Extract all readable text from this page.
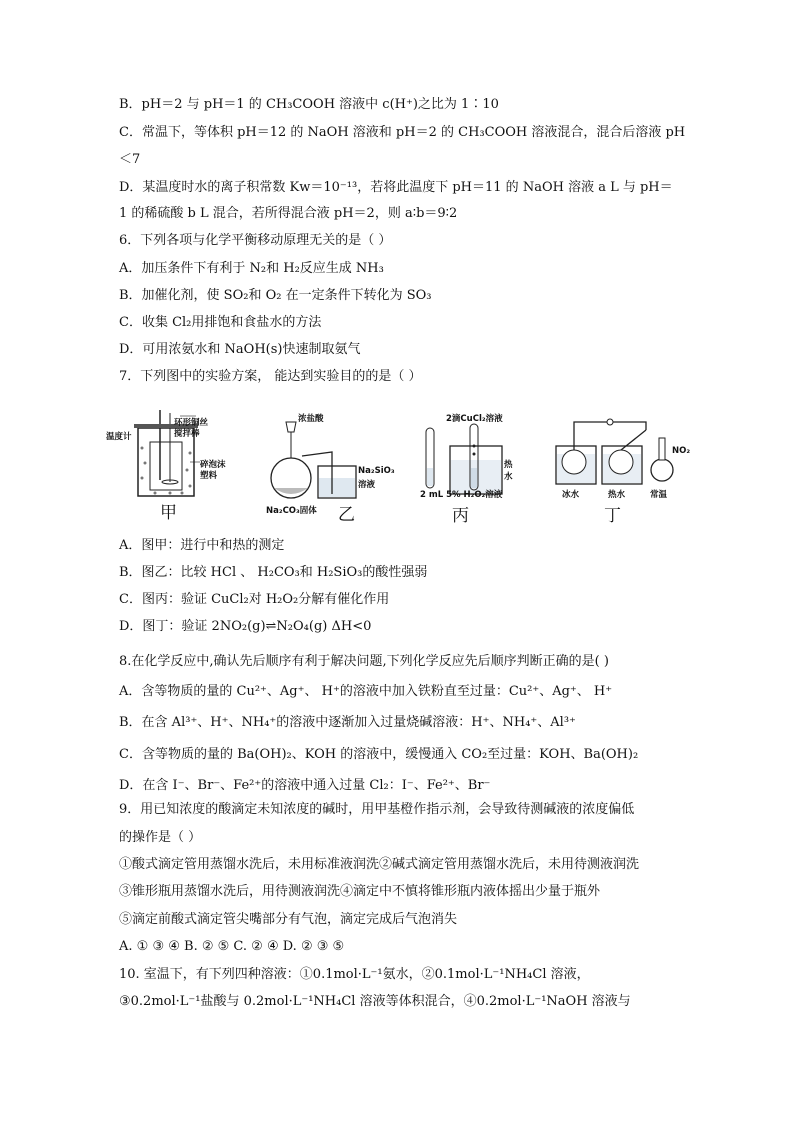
B．pH＝2 与 pH＝1 的 CH₃COOH 溶液中 c(H⁺)之比为 1∶10
C．常温下，等体积 pH＝12 的 NaOH 溶液和 pH＝2 的 CH₃COOH 溶液混合，混合后溶液 pH
＜7
D．某温度时水的离子积常数 Kw＝10⁻¹³，若将此温度下 pH＝11 的 NaOH 溶液 a L 与 pH＝
1 的稀硫酸 b L 混合，若所得混合液 pH＝2，则 a∶b＝9∶2
6．下列各项与化学平衡移动原理无关的是（ ）
A．加压条件下有利于 N₂和 H₂反应生成 NH₃
B．加催化剂，使 SO₂和 O₂ 在一定条件下转化为 SO₃
C．收集 Cl₂用排饱和食盐水的方法
D．可用浓氨水和 NaOH(s)快速制取氨气
7．下列图中的实验方案， 能达到实验目的的是（ ）
温度计
环形铜丝
搅拌棒
碎泡沫
塑料
甲
浓盐酸
Na₂SiO₃
溶液
Na₂CO₃固体 乙
2滴CuCl₂溶液
热
水
2 mL 5% H₂O₂溶液
丙
冰水	热水	常温
NO₂
丁
A．图甲：进行中和热的测定
B．图乙：比较 HCl 、 H₂CO₃和 H₂SiO₃的酸性强弱
C．图丙：验证 CuCl₂对 H₂O₂分解有催化作用
D．图丁：验证 2NO₂(g)⇌N₂O₄(g) ΔH<0
8.在化学反应中,确认先后顺序有利于解决问题,下列化学反应先后顺序判断正确的是( )
A．含等物质的量的 Cu²⁺、Ag⁺、 H⁺的溶液中加入铁粉直至过量：Cu²⁺、Ag⁺、 H⁺
B．在含 Al³⁺、H⁺、NH₄⁺的溶液中逐渐加入过量烧碱溶液：H⁺、NH₄⁺、Al³⁺
C．含等物质的量的 Ba(OH)₂、KOH 的溶液中，缓慢通入 CO₂至过量：KOH、Ba(OH)₂
D．在含 I⁻、Br⁻、Fe²⁺的溶液中通入过量 Cl₂：I⁻、Fe²⁺、Br⁻
9．用已知浓度的酸滴定未知浓度的碱时，用甲基橙作指示剂，会导致待测碱液的浓度偏低
的操作是（ ）
①酸式滴定管用蒸馏水洗后，未用标准液润洗②碱式滴定管用蒸馏水洗后，未用待测液润洗
③锥形瓶用蒸馏水洗后，用待测液润洗④滴定中不慎将锥形瓶内液体摇出少量于瓶外
⑤滴定前酸式滴定管尖嘴部分有气泡，滴定完成后气泡消失
A. ① ③ ④ B. ② ⑤ C. ② ④ D. ② ③ ⑤
10. 室温下，有下列四种溶液：①0.1mol·L⁻¹氨水，②0.1mol·L⁻¹NH₄Cl 溶液，
③0.2mol·L⁻¹盐酸与 0.2mol·L⁻¹NH₄Cl 溶液等体积混合，④0.2mol·L⁻¹NaOH 溶液与
